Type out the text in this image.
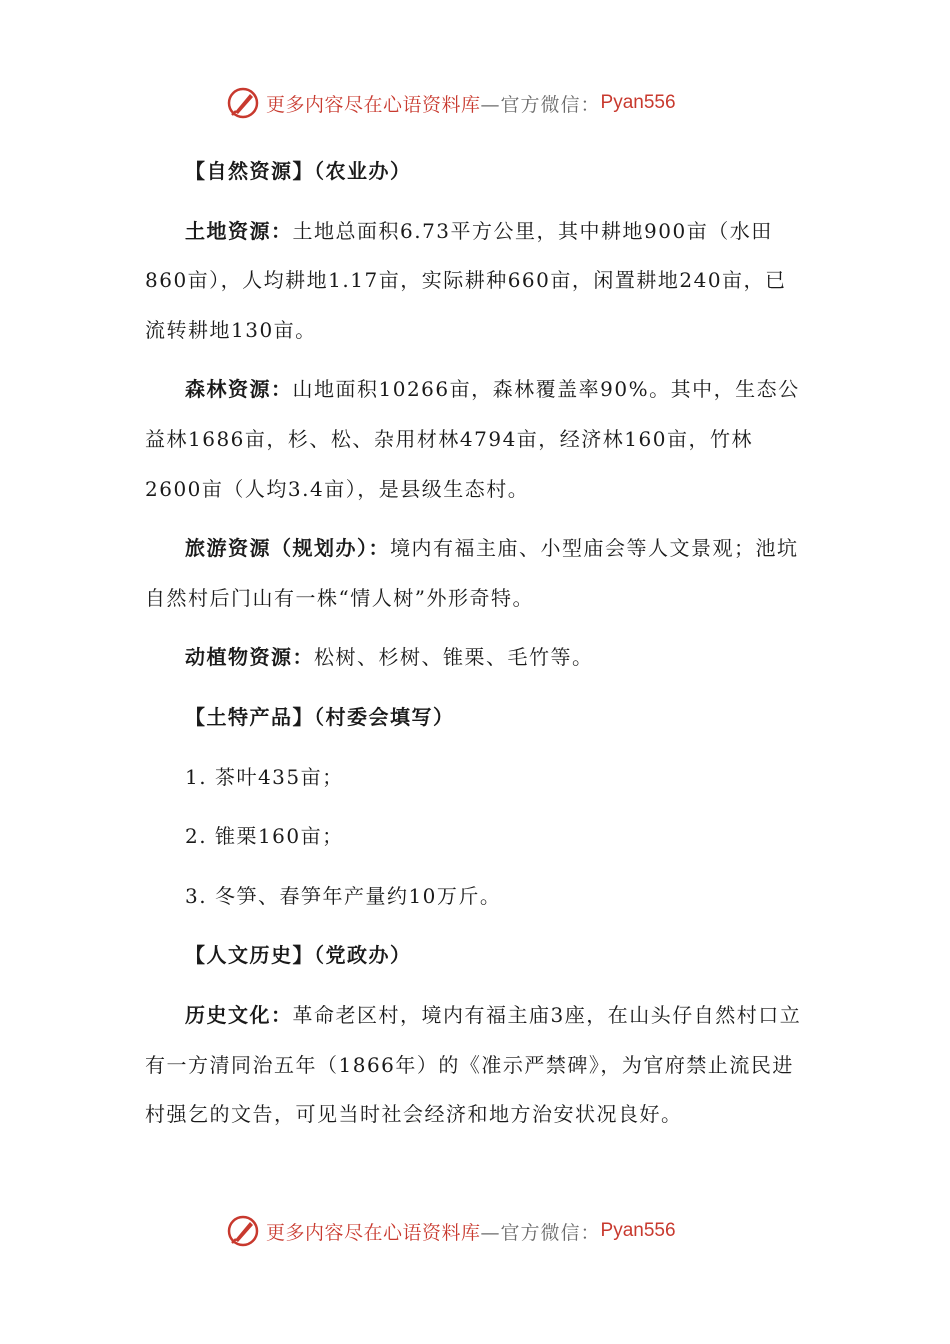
更多内容尽在心语资料库 —官方微信： Pyan556

【自然资源】（农业办）

土地资源：土地总面积6.73平方公里，其中耕地900亩（水田860亩），人均耕地1.17亩，实际耕种660亩，闲置耕地240亩，已流转耕地130亩。

森林资源：山地面积10266亩，森林覆盖率90%。其中，生态公益林1686亩，杉、松、杂用材林4794亩，经济林160亩，竹林2600亩（人均3.4亩），是县级生态村。

旅游资源（规划办）：境内有福主庙、小型庙会等人文景观；池坑自然村后门山有一株“情人树”外形奇特。

动植物资源：松树、杉树、锥栗、毛竹等。

【土特产品】（村委会填写）

1. 茶叶435亩；

2. 锥栗160亩；

3. 冬笋、春笋年产量约10万斤。

【人文历史】（党政办）

历史文化：革命老区村，境内有福主庙3座，在山头仔自然村口立有一方清同治五年（1866年）的《准示严禁碑》，为官府禁止流民进村强乞的文告，可见当时社会经济和地方治安状况良好。

更多内容尽在心语资料库 —官方微信： Pyan556
